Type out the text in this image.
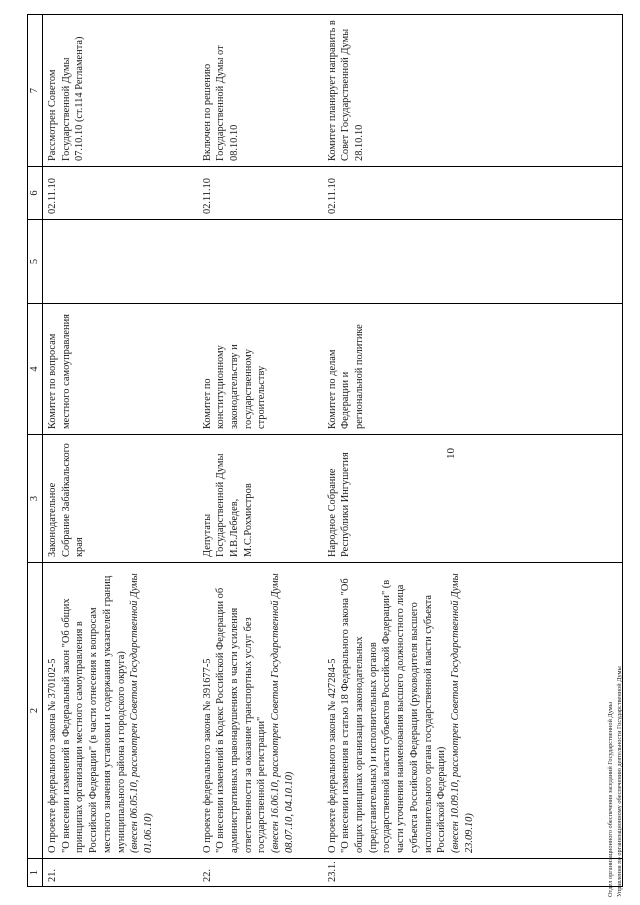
10
1	2	3	4	5	6	7

21.	О проекте федерального закона № 370102-5 "О внесении изменений в Федеральный закон "Об общих принципах организации местного самоуправления в Российской Федерации" (в части отнесения к вопросам местного значения установки и содержания указателей границ муниципального района и городского округа) (внесен 06.05.10, рассмотрен Советом Государственной Думы 01.06.10)	Законодательное Собрание Забайкальского края	Комитет по вопросам местного самоуправления		02.11.10	Рассмотрен Советом Государственной Думы 07.10.10 (ст.114 Регламента)

22.	О проекте федерального закона № 391677-5 "О внесении изменений в Кодекс Российской Федерации об административных правонарушениях в части усиления ответственности за оказание транспортных услуг без государственной регистрации" (внесен 16.06.10, рассмотрен Советом Государственной Думы 08.07.10, 04.10.10)	Депутаты Государственной Думы И.В.Лебедев, М.С.Рохмистров	Комитет по конституционному законодательству и государственному строительству		02.11.10	Включен по решению Государственной Думы от 08.10.10

23.1.	О проекте федерального закона № 427284-5 "О внесении изменения в статью 18 Федерального закона "Об общих принципах организации законодательных (представительных) и исполнительных органов государственной власти субъектов Российской Федерации" (в части уточнения наименования высшего должностного лица субъекта Российской Федерации (руководителя высшего исполнительного органа государственной власти субъекта Российской Федерации) (внесен 10.09.10, рассмотрен Советом Государственной Думы 23.09.10)	Народное Собрание Республики Ингушетия	Комитет по делам Федерации и региональной политике		02.11.10	Комитет планирует направить в Совет Государственной Думы 28.10.10
Отдел организационного обеспечения заседаний Государственной Думы Управления по организационному обеспечению деятельности Государственной Думы
